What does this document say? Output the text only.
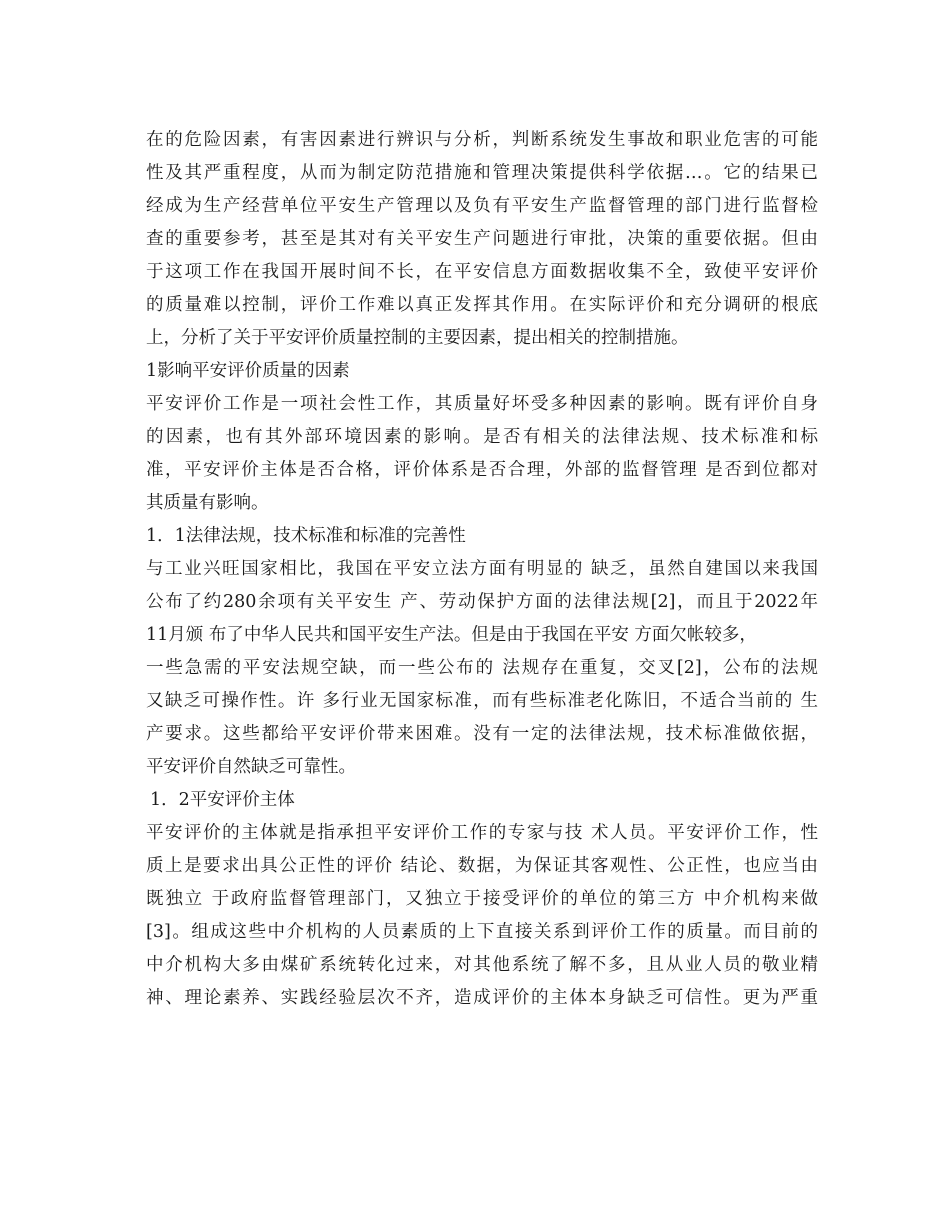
在的危险因素，有害因素进行辨识与分析，判断系统发生事故和职业危害的可能
性及其严重程度，从而为制定防范措施和管理决策提供科学依据…。它的结果已
经成为生产经营单位平安生产管理以及负有平安生产监督管理的部门进行监督检
查的重要参考，甚至是其对有关平安生产问题进行审批，决策的重要依据。但由
于这项工作在我国开展时间不长，在平安信息方面数据收集不全，致使平安评价
的质量难以控制，评价工作难以真正发挥其作用。在实际评价和充分调研的根底
上，分析了关于平安评价质量控制的主要因素，提出相关的控制措施。
1影响平安评价质量的因素
平安评价工作是一项社会性工作，其质量好坏受多种因素的影响。既有评价自身
的因素，也有其外部环境因素的影响。是否有相关的法律法规、技术标准和标
准，平安评价主体是否合格，评价体系是否合理，外部的监督管理 是否到位都对
其质量有影响。
1．1法律法规，技术标准和标准的完善性
与工业兴旺国家相比，我国在平安立法方面有明显的 缺乏，虽然自建国以来我国
公布了约280余项有关平安生 产、劳动保护方面的法律法规[2]，而且于2022年
11月颁 布了中华人民共和国平安生产法。但是由于我国在平安 方面欠帐较多，
一些急需的平安法规空缺，而一些公布的 法规存在重复，交叉[2]，公布的法规
又缺乏可操作性。许 多行业无国家标准，而有些标准老化陈旧，不适合当前的 生
产要求。这些都给平安评价带来困难。没有一定的法律法规，技术标准做依据，
平安评价自然缺乏可靠性。
1．2平安评价主体
平安评价的主体就是指承担平安评价工作的专家与技 术人员。平安评价工作，性
质上是要求出具公正性的评价 结论、数据，为保证其客观性、公正性，也应当由
既独立 于政府监督管理部门，又独立于接受评价的单位的第三方 中介机构来做
[3]。组成这些中介机构的人员素质的上下直接关系到评价工作的质量。而目前的
中介机构大多由煤矿系统转化过来，对其他系统了解不多，且从业人员的敬业精
神、理论素养、实践经验层次不齐，造成评价的主体本身缺乏可信性。更为严重
